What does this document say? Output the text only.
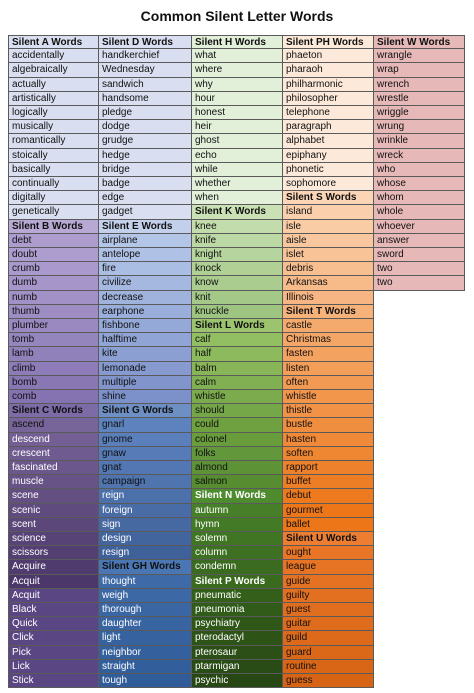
Common Silent Letter Words
Silent A Words
accidentally
algebraically
actually
artistically
logically
musically
romantically
stoically
basically
continually
digitally
genetically
Silent B Words
debt
doubt
crumb
dumb
numb
thumb
plumber
tomb
lamb
climb
bomb
comb
Silent C Words
ascend
descend
crescent
fascinated
muscle
scene
scenic
scent
science
scissors
Acquire
Acquit
Acquit
Black
Quick
Click
Pick
Lick
Stick
Silent D Words
handkerchief
Wednesday
sandwich
handsome
pledge
dodge
grudge
hedge
bridge
badge
edge
gadget
Silent E Words
airplane
antelope
fire
civilize
decrease
earphone
fishbone
halftime
kite
lemonade
multiple
shine
Silent G Words
gnarl
gnome
gnaw
gnat
campaign
reign
foreign
sign
design
resign
Silent GH Words
thought
weigh
thorough
daughter
light
neighbor
straight
tough
Silent H Words
what
where
why
hour
honest
heir
ghost
echo
while
whether
when
Silent K Words
knee
knife
knight
knock
know
knit
knuckle
Silent L Words
calf
half
balm
calm
whistle
should
could
colonel
folks
almond
salmon
Silent N Words
autumn
hymn
solemn
column
condemn
Silent P Words
pneumatic
pneumonia
psychiatry
pterodactyl
pterosaur
ptarmigan
psychic
Silent PH Words
phaeton
pharaoh
philharmonic
philosopher
telephone
paragraph
alphabet
epiphany
phonetic
sophomore
Silent S Words
island
isle
aisle
islet
debris
Arkansas
Illinois
Silent T Words
castle
Christmas
fasten
listen
often
whistle
thistle
bustle
hasten
soften
rapport
buffet
debut
gourmet
ballet
Silent U Words
ought
league
guide
guilty
guest
guitar
guild
guard
routine
guess
Silent W Words
wrangle
wrap
wrench
wrestle
wriggle
wrung
wrinkle
wreck
who
whose
whom
whole
whoever
answer
sword
two
two
